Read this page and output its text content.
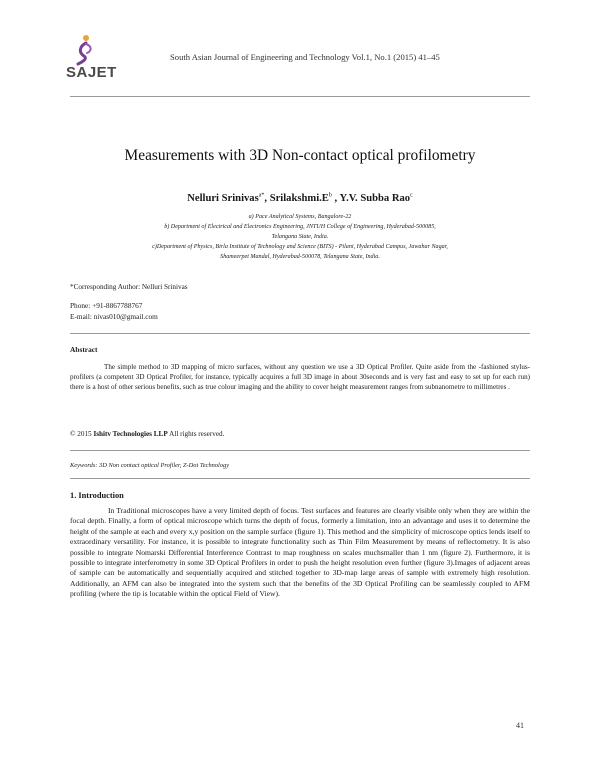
SAJET
South Asian Journal of Engineering and Technology Vol.1, No.1 (2015) 41–45
Measurements with 3D Non-contact optical profilometry
Nelluri Srinivas$^{a*}$, $Srilakshmi.E^b$ , Y.V. Subba Rao$^c$
a) Pace Analytical Systems, Bangalore-22
b) Department of Electrical and Electronics Engineering, JNTUH College of Engineering, Hyderabad-500085,
Telangana State, India.
c)Department of Physics, Birla Institute of Technology and Science (BITS) - Pilani, Hyderabad Campus, Jawahar Nagar,
Shameerpet Mandal, Hyderabad-500078, Telangana State, India.
*Corresponding Author: Nelluri Srinivas
Phone: +91-8867788767
E-mail: nivas010@gmail.com
Abstract
The simple method to 3D mapping of micro surfaces, without any question we use a 3D Optical Profiler. Quite aside from the -fashioned stylus-profilers (a competent 3D Optical Profiler, for instance, typically acquires a full 3D image in about 30seconds and is very fast and easy to set up for each run) there is a host of other serious benefits, such as true colour imaging and the ability to cover height measurement ranges from subnanometre to millimetres .
© 2015 Ishitv Technologies LLP All rights reserved.
Keywords: 3D Non contact optical Profiler, Z-Dot Technology
1. Introduction
In Traditional microscopes have a very limited depth of focus. Test surfaces and features are clearly visible only when they are within the focal depth. Finally, a form of optical microscope which turns the depth of focus, formerly a limitation, into an advantage and uses it to determine the height of the sample at each and every x,y position on the sample surface (figure 1). This method and the simplicity of microscope optics lends itself to extraordinary versatility. For instance, it is possible to integrate functionality such as Thin Film Measurement by means of reflectometry. It is also possible to integrate Nomarski Differential Interference Contrast to map roughness on scales muchsmaller than 1 nm (figure 2). Furthermore, it is possible to integrate interferometry in some 3D Optical Profilers in order to push the height resolution even further (figure 3).Images of adjacent areas of sample can be automatically and sequentially acquired and stitched together to 3D-map large areas of sample with extremely high resolution. Additionally, an AFM can also be integrated into the system such that the benefits of the 3D Optical Profiling can be seamlessly coupled to AFM profiling (where the tip is locatable within the optical Field of View).
41
